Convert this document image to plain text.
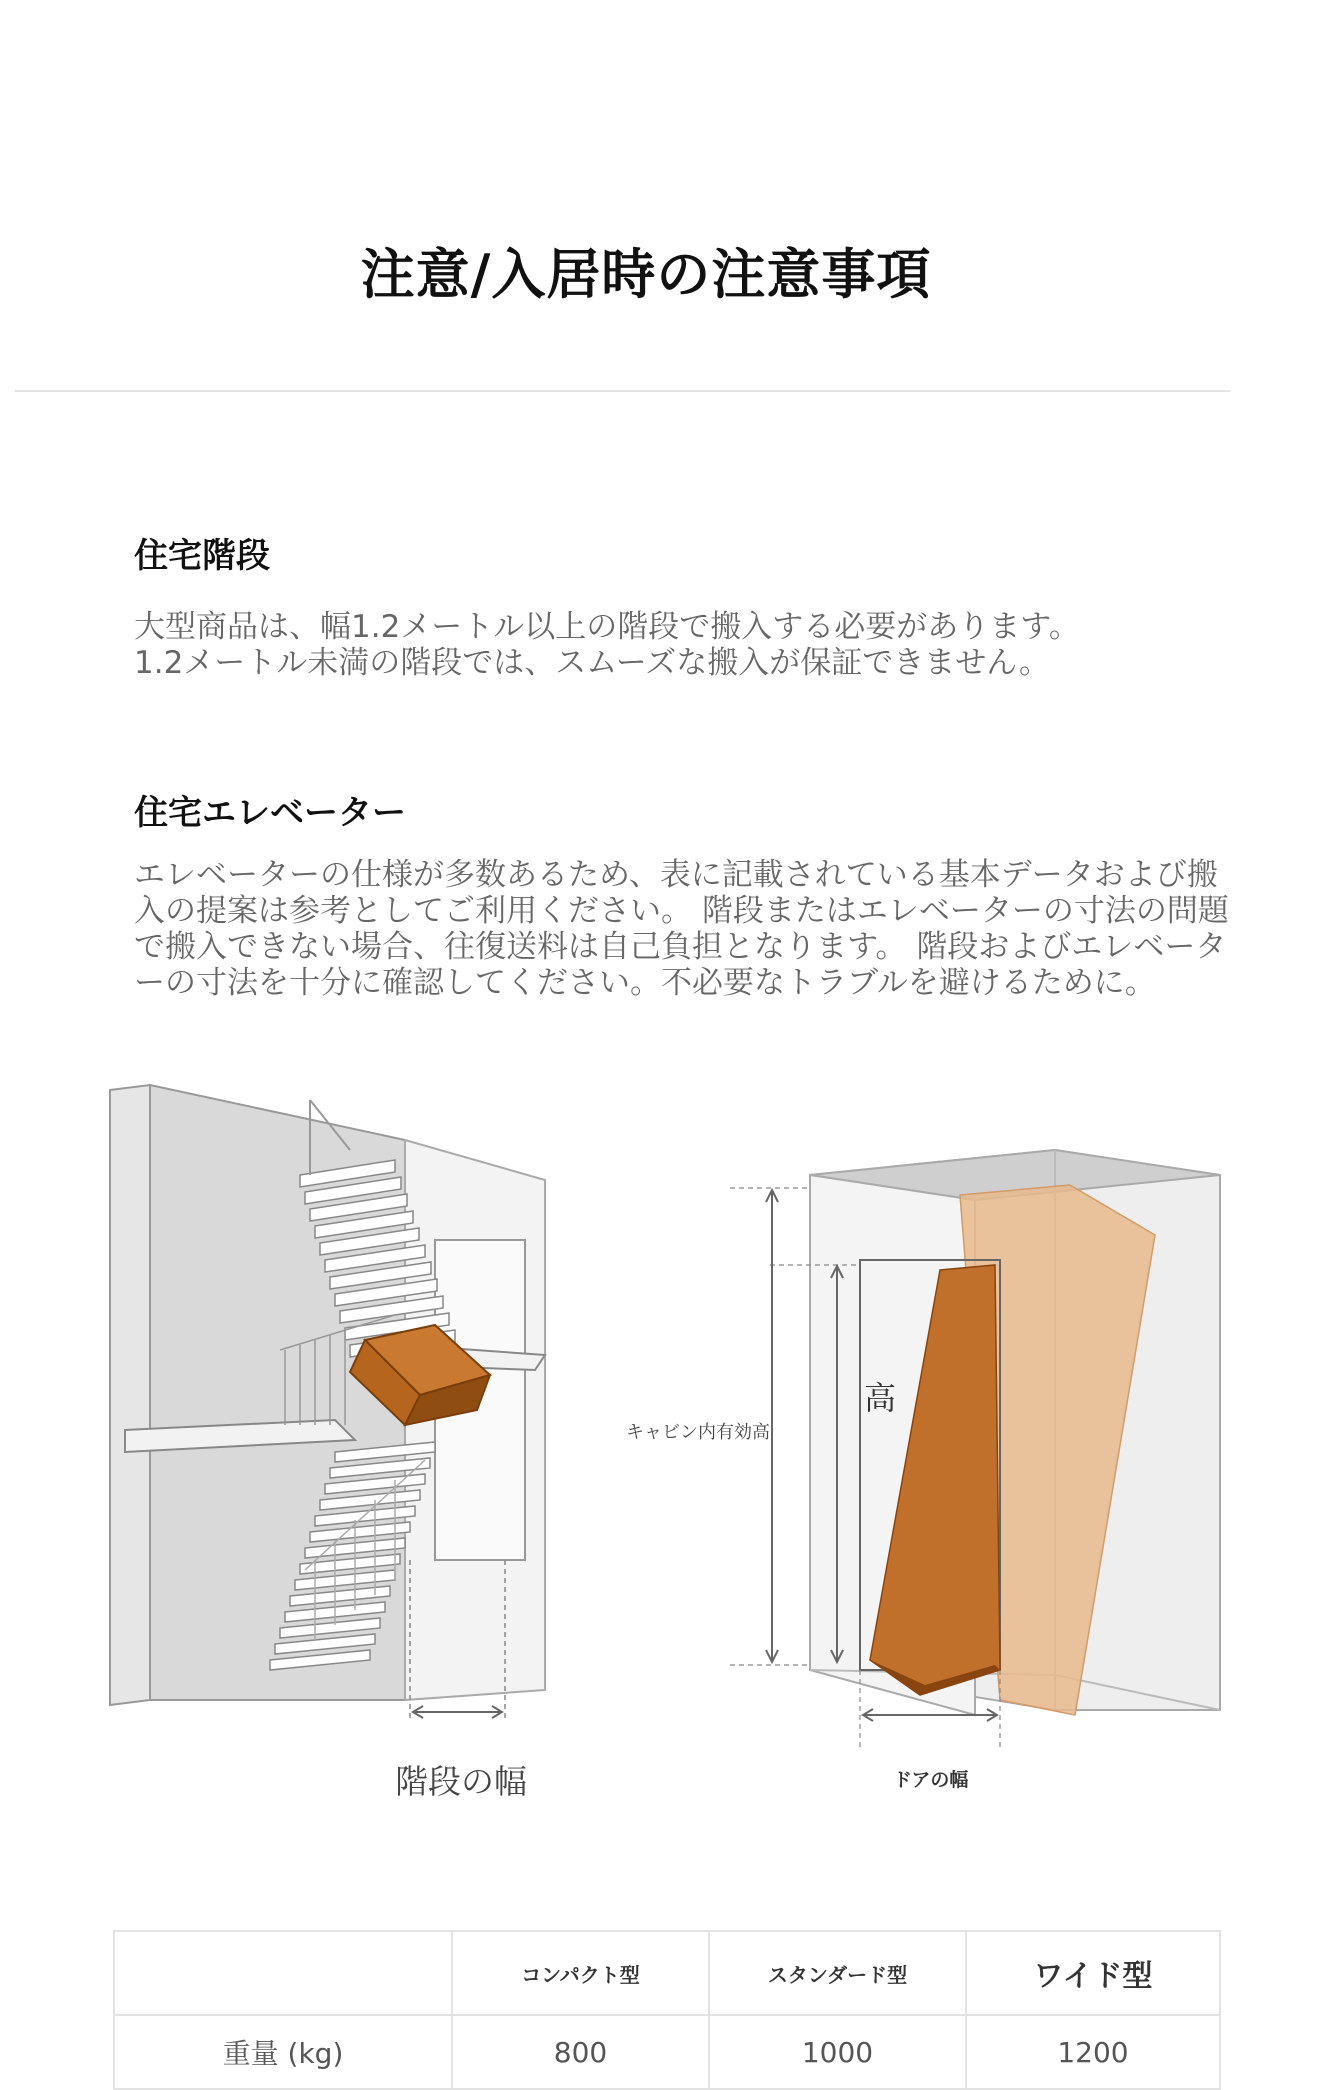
注意/入居時の注意事項
住宅階段
大型商品は、幅1.2メートル以上の階段で搬入する必要があります。
1.2メートル未満の階段では、スムーズな搬入が保証できません。
住宅エレベーター
エレベーターの仕様が多数あるため、表に記載されている基本データおよび搬
入の提案は参考としてご利用ください。 階段またはエレベーターの寸法の問題
で搬入できない場合、往復送料は自己負担となります。 階段およびエレベータ
ーの寸法を十分に確認してください。不必要なトラブルを避けるために。
階段の幅
キャビン内有効高
高
ドアの幅
	コンパクト型	スタンダード型	ワイド型
重量 (kg)	800	1000	1200
